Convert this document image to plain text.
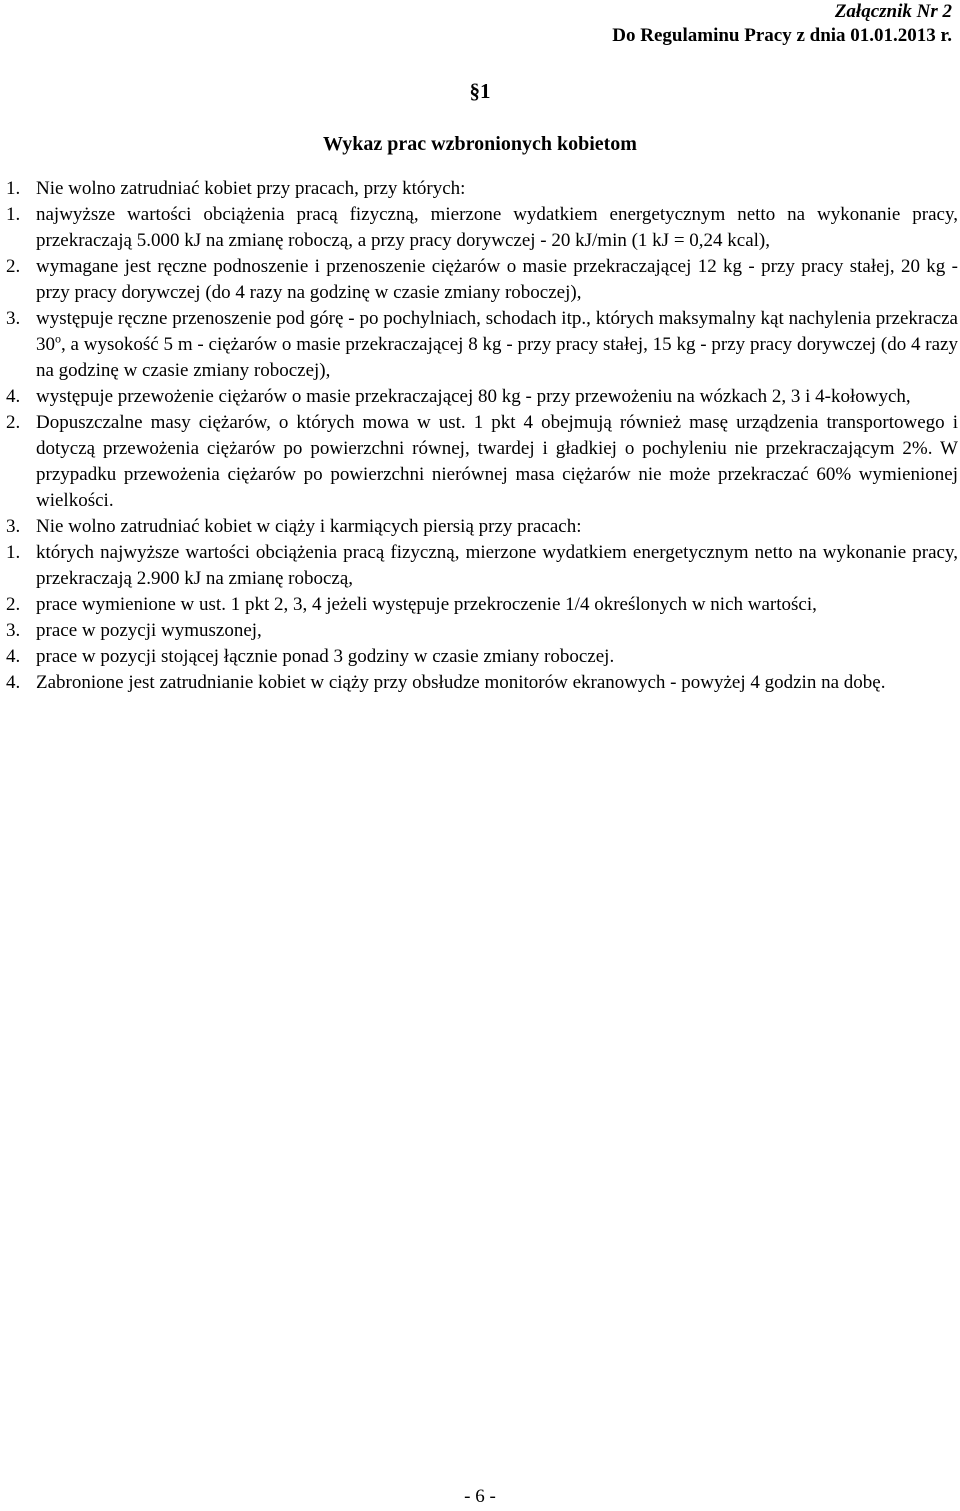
Załącznik Nr 2
Do Regulaminu Pracy z dnia 01.01.2013 r.
§1
Wykaz prac wzbronionych kobietom
1. Nie wolno zatrudniać kobiet przy pracach, przy których:
1. najwyższe wartości obciążenia pracą fizyczną, mierzone wydatkiem energetycznym netto na wykonanie pracy, przekraczają 5.000 kJ na zmianę roboczą, a przy pracy dorywczej - 20 kJ/min (1 kJ = 0,24 kcal),
2. wymagane jest ręczne podnoszenie i przenoszenie ciężarów o masie przekraczającej 12 kg - przy pracy stałej, 20 kg - przy pracy dorywczej (do 4 razy na godzinę w czasie zmiany roboczej),
3. występuje ręczne przenoszenie pod górę - po pochylniach, schodach itp., których maksymalny kąt nachylenia przekracza 30$^o$, a wysokość 5 m - ciężarów o masie przekraczającej 8 kg - przy pracy stałej, 15 kg - przy pracy dorywczej (do 4 razy na godzinę w czasie zmiany roboczej),
4. występuje przewożenie ciężarów o masie przekraczającej 80 kg - przy przewożeniu na wózkach 2, 3 i 4-kołowych,
2. Dopuszczalne masy ciężarów, o których mowa w ust. 1 pkt 4 obejmują również masę urządzenia transportowego i dotyczą przewożenia ciężarów po powierzchni równej, twardej i gładkiej o pochyleniu nie przekraczającym 2%. W przypadku przewożenia ciężarów po powierzchni nierównej masa ciężarów nie może przekraczać 60% wymienionej wielkości.
3. Nie wolno zatrudniać kobiet w ciąży i karmiących piersią przy pracach:
1. których najwyższe wartości obciążenia pracą fizyczną, mierzone wydatkiem energetycznym netto na wykonanie pracy, przekraczają 2.900 kJ na zmianę roboczą,
2. prace wymienione w ust. 1 pkt 2, 3, 4 jeżeli występuje przekroczenie 1/4 określonych w nich wartości,
3. prace w pozycji wymuszonej,
4. prace w pozycji stojącej łącznie ponad 3 godziny w czasie zmiany roboczej.
4. Zabronione jest zatrudnianie kobiet w ciąży przy obsłudze monitorów ekranowych - powyżej 4 godzin na dobę.
- 6 -
